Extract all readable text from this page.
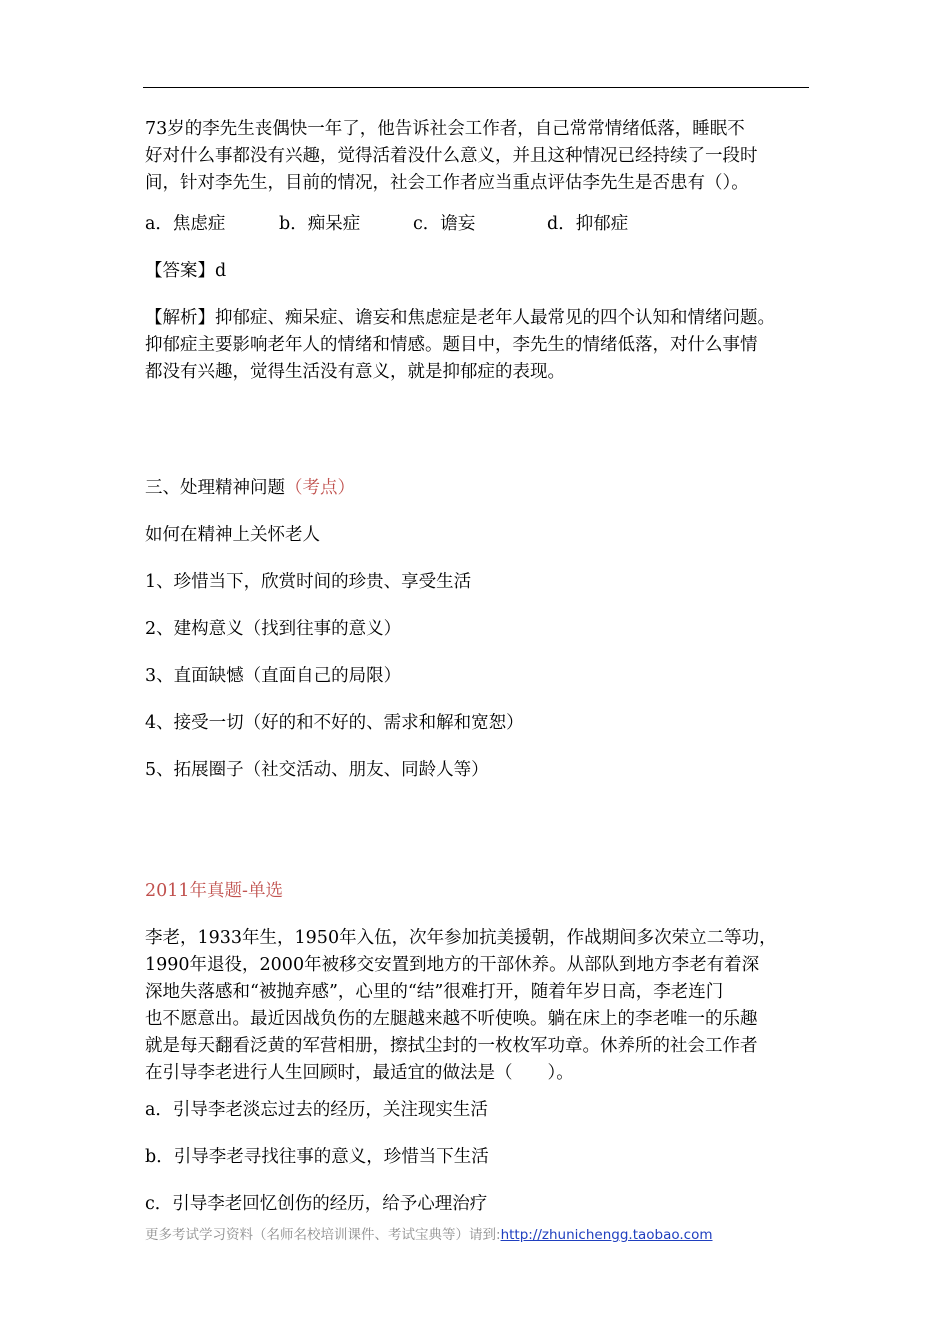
73岁的李先生丧偶快一年了，他告诉社会工作者，自己常常情绪低落，睡眠不
好对什么事都没有兴趣，觉得活着没什么意义，并且这种情况已经持续了一段时
间，针对李先生，目前的情况，社会工作者应当重点评估李先生是否患有（）。
a．焦虑症	b．痴呆症	c．谵妄	d．抑郁症
【答案】d
【解析】抑郁症、痴呆症、谵妄和焦虑症是老年人最常见的四个认知和情绪问题。
抑郁症主要影响老年人的情绪和情感。题目中，李先生的情绪低落，对什么事情
都没有兴趣，觉得生活没有意义，就是抑郁症的表现。
三、处理精神问题（考点）
如何在精神上关怀老人
1、珍惜当下，欣赏时间的珍贵、享受生活
2、建构意义（找到往事的意义）
3、直面缺憾（直面自己的局限）
4、接受一切（好的和不好的、需求和解和宽恕）
5、拓展圈子（社交活动、朋友、同龄人等）
2011年真题-单选
李老，1933年生，1950年入伍，次年参加抗美援朝，作战期间多次荣立二等功，
1990年退役，2000年被移交安置到地方的干部休养。从部队到地方李老有着深
深地失落感和“被抛弃感”，心里的“结”很难打开，随着年岁日高，李老连门
也不愿意出。最近因战负伤的左腿越来越不听使唤。躺在床上的李老唯一的乐趣
就是每天翻看泛黄的军营相册，擦拭尘封的一枚枚军功章。休养所的社会工作者
在引导李老进行人生回顾时，最适宜的做法是（　　）。
a．引导李老淡忘过去的经历，关注现实生活
b．引导李老寻找往事的意义，珍惜当下生活
c．引导李老回忆创伤的经历，给予心理治疗
更多考试学习资料（名师名校培训课件、考试宝典等）请到:http://zhunichengg.taobao.com
